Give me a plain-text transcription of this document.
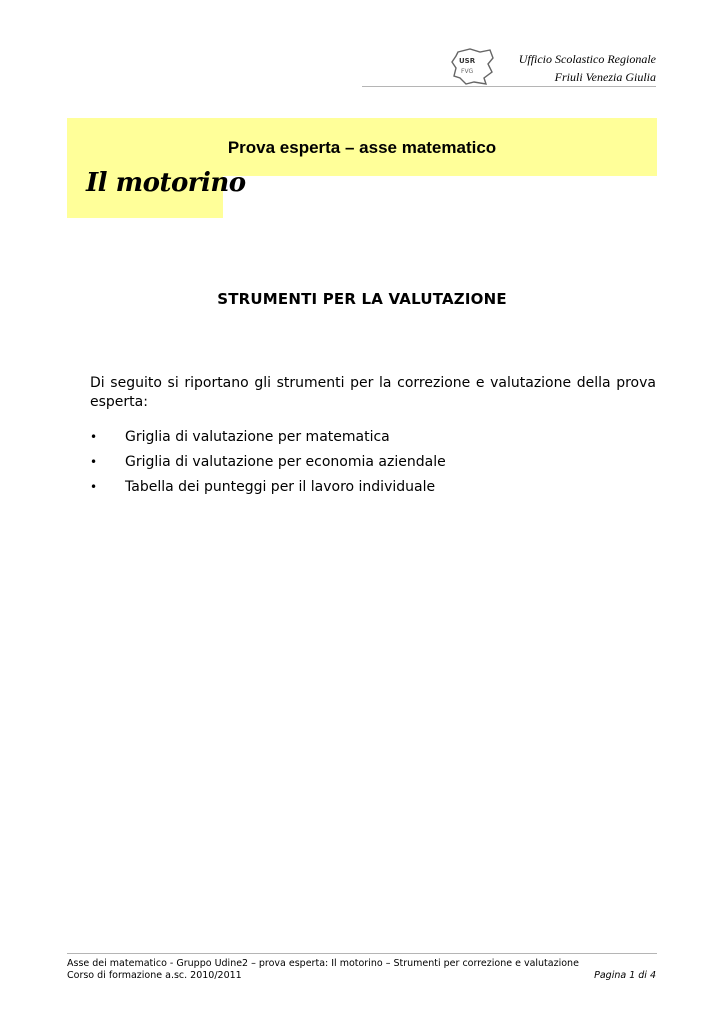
USR
FVG
Ufficio Scolastico Regionale
Friuli Venezia Giulia
Prova esperta – asse matematico
Il motorino
STRUMENTI PER LA VALUTAZIONE
Di seguito si riportano gli strumenti per la correzione e valutazione della prova esperta:
• Griglia di valutazione per matematica
• Griglia di valutazione per economia aziendale
• Tabella dei punteggi per il lavoro individuale
Asse dei matematico - Gruppo Udine2 – prova esperta: Il motorino – Strumenti per correzione e valutazione
Corso di formazione a.sc. 2010/2011	Pagina 1 di 4
